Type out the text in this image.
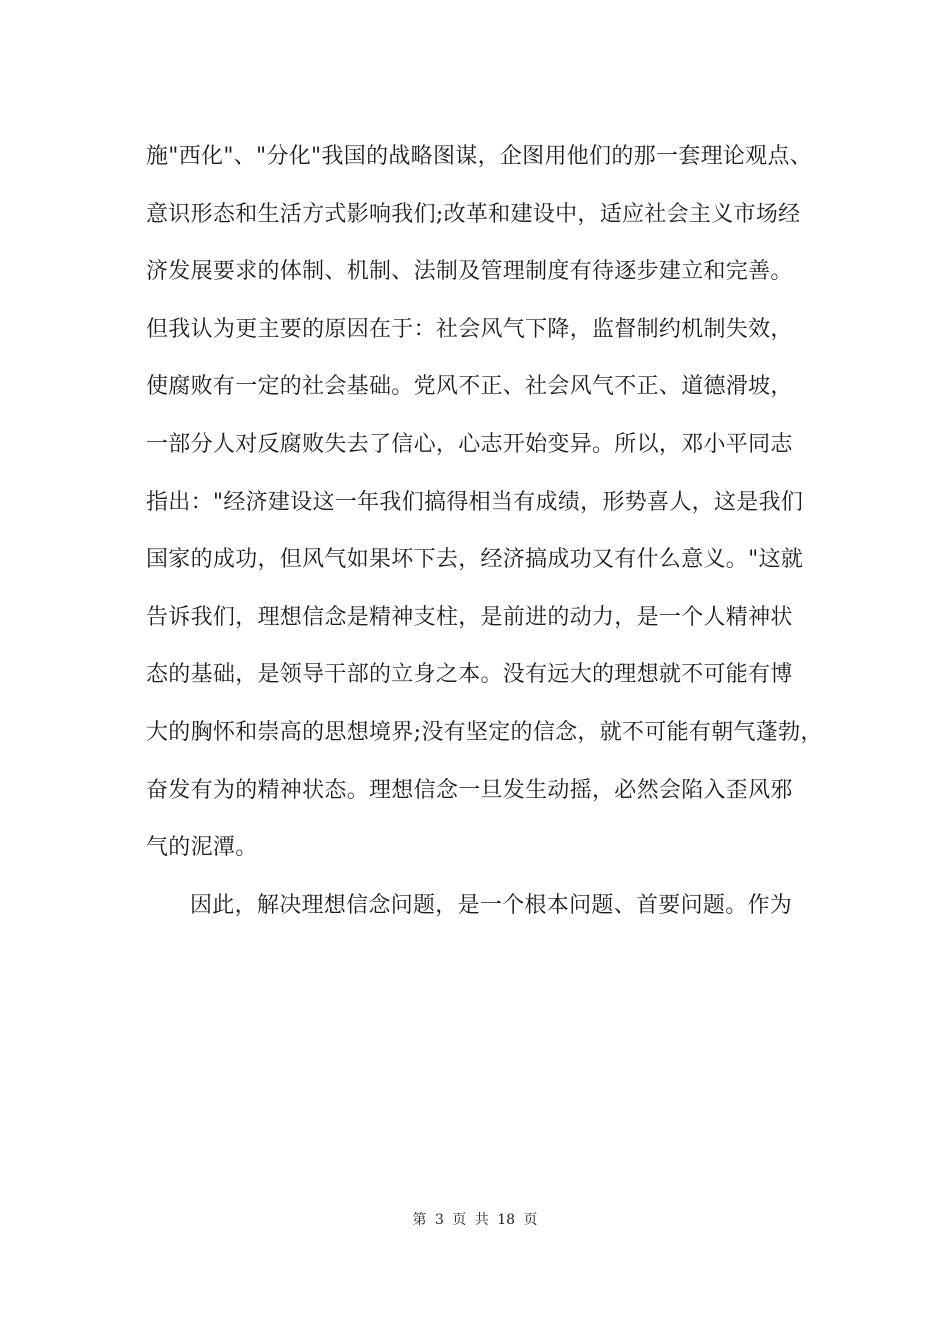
施"西化"、"分化"我国的战略图谋，企图用他们的那一套理论观点、
意识形态和生活方式影响我们;改革和建设中，适应社会主义市场经
济发展要求的体制、机制、法制及管理制度有待逐步建立和完善。
但我认为更主要的原因在于：社会风气下降，监督制约机制失效，
使腐败有一定的社会基础。党风不正、社会风气不正、道德滑坡，
一部分人对反腐败失去了信心，心志开始变异。所以，邓小平同志
指出："经济建设这一年我们搞得相当有成绩，形势喜人，这是我们
国家的成功，但风气如果坏下去，经济搞成功又有什么意义。"这就
告诉我们，理想信念是精神支柱，是前进的动力，是一个人精神状
态的基础，是领导干部的立身之本。没有远大的理想就不可能有博
大的胸怀和崇高的思想境界;没有坚定的信念，就不可能有朝气蓬勃，
奋发有为的精神状态。理想信念一旦发生动摇，必然会陷入歪风邪
气的泥潭。
因此，解决理想信念问题，是一个根本问题、首要问题。作为
第 3 页 共 18 页
